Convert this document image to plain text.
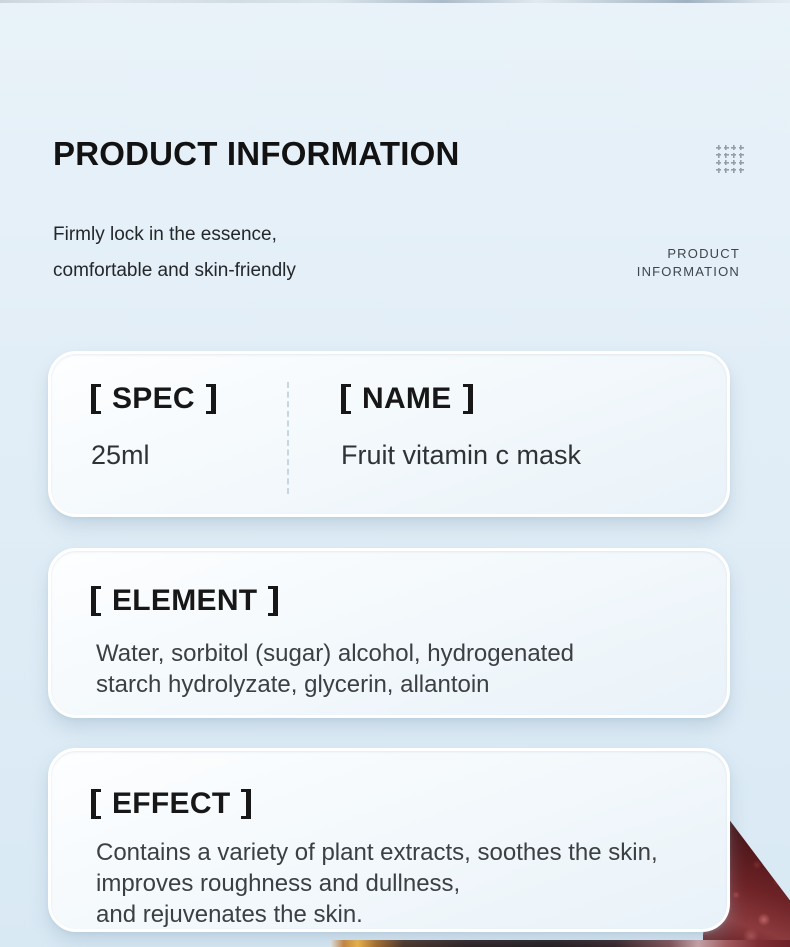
PRODUCT INFORMATION
Firmly lock in the essence,
comfortable and skin-friendly
PRODUCT
INFORMATION
SPEC
25ml
NAME
Fruit vitamin c mask
ELEMENT
Water, sorbitol (sugar) alcohol, hydrogenated
starch hydrolyzate, glycerin, allantoin
EFFECT
Contains a variety of plant extracts, soothes the skin,
improves roughness and dullness,
and rejuvenates the skin.
